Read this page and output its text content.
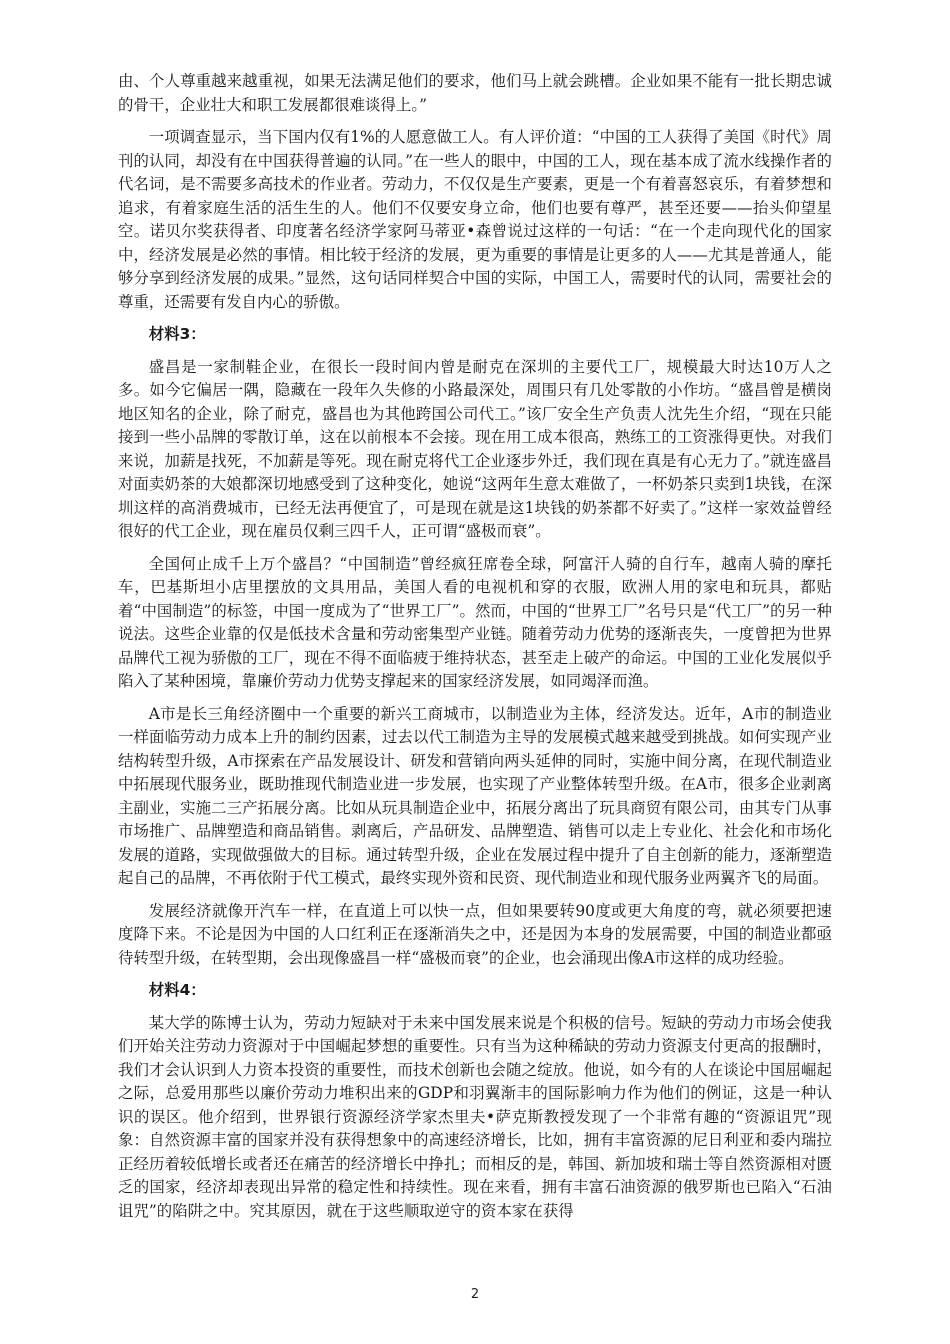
由、个人尊重越来越重视，如果无法满足他们的要求，他们马上就会跳槽。企业如果不能有一批长期忠诚的骨干，企业壮大和职工发展都很难谈得上。”

一项调查显示，当下国内仅有1%的人愿意做工人。有人评价道：“中国的工人获得了美国《时代》周刊的认同，却没有在中国获得普遍的认同。”在一些人的眼中，中国的工人，现在基本成了流水线操作者的代名词，是不需要多高技术的作业者。劳动力，不仅仅是生产要素，更是一个有着喜怒哀乐，有着梦想和追求，有着家庭生活的活生生的人。他们不仅要安身立命，他们也要有尊严，甚至还要——抬头仰望星空。诺贝尔奖获得者、印度著名经济学家阿马蒂亚•森曾说过这样的一句话：“在一个走向现代化的国家中，经济发展是必然的事情。相比较于经济的发展，更为重要的事情是让更多的人——尤其是普通人，能够分享到经济发展的成果。”显然，这句话同样契合中国的实际，中国工人，需要时代的认同，需要社会的尊重，还需要有发自内心的骄傲。

材料3：

盛昌是一家制鞋企业，在很长一段时间内曾是耐克在深圳的主要代工厂，规模最大时达10万人之多。如今它偏居一隅，隐藏在一段年久失修的小路最深处，周围只有几处零散的小作坊。“盛昌曾是横岗地区知名的企业，除了耐克，盛昌也为其他跨国公司代工。”该厂安全生产负责人沈先生介绍，“现在只能接到一些小品牌的零散订单，这在以前根本不会接。现在用工成本很高，熟练工的工资涨得更快。对我们来说，加薪是找死，不加薪是等死。现在耐克将代工企业逐步外迁，我们现在真是有心无力了。”就连盛昌对面卖奶茶的大娘都深切地感受到了这种变化，她说“这两年生意太难做了，一杯奶茶只卖到1块钱，在深圳这样的高消费城市，已经无法再便宜了，可是现在就是这1块钱的奶茶都不好卖了。”这样一家效益曾经很好的代工企业，现在雇员仅剩三四千人，正可谓“盛极而衰”。

全国何止成千上万个盛昌？“中国制造”曾经疯狂席卷全球，阿富汗人骑的自行车，越南人骑的摩托车，巴基斯坦小店里摆放的文具用品，美国人看的电视机和穿的衣服，欧洲人用的家电和玩具，都贴着“中国制造”的标签，中国一度成为了“世界工厂”。然而，中国的“世界工厂”名号只是“代工厂”的另一种说法。这些企业靠的仅是低技术含量和劳动密集型产业链。随着劳动力优势的逐渐丧失，一度曾把为世界品牌代工视为骄傲的工厂，现在不得不面临疲于维持状态，甚至走上破产的命运。中国的工业化发展似乎陷入了某种困境，靠廉价劳动力优势支撑起来的国家经济发展，如同竭泽而渔。

A市是长三角经济圈中一个重要的新兴工商城市，以制造业为主体，经济发达。近年，A市的制造业一样面临劳动力成本上升的制约因素，过去以代工制造为主导的发展模式越来越受到挑战。如何实现产业结构转型升级，A市探索在产品发展设计、研发和营销向两头延伸的同时，实施中间分离，在现代制造业中拓展现代服务业，既助推现代制造业进一步发展，也实现了产业整体转型升级。在A市，很多企业剥离主副业，实施二三产拓展分离。比如从玩具制造企业中，拓展分离出了玩具商贸有限公司，由其专门从事市场推广、品牌塑造和商品销售。剥离后，产品研发、品牌塑造、销售可以走上专业化、社会化和市场化发展的道路，实现做强做大的目标。通过转型升级，企业在发展过程中提升了自主创新的能力，逐渐塑造起自己的品牌，不再依附于代工模式，最终实现外资和民资、现代制造业和现代服务业两翼齐飞的局面。

发展经济就像开汽车一样，在直道上可以快一点，但如果要转90度或更大角度的弯，就必须要把速度降下来。不论是因为中国的人口红利正在逐渐消失之中，还是因为本身的发展需要，中国的制造业都亟待转型升级，在转型期，会出现像盛昌一样“盛极而衰”的企业，也会涌现出像A市这样的成功经验。

材料4：

某大学的陈博士认为，劳动力短缺对于未来中国发展来说是个积极的信号。短缺的劳动力市场会使我们开始关注劳动力资源对于中国崛起梦想的重要性。只有当为这种稀缺的劳动力资源支付更高的报酬时，我们才会认识到人力资本投资的重要性，而技术创新也会随之绽放。他说，如今有的人在谈论中国屈崛起之际，总爱用那些以廉价劳动力堆积出来的GDP和羽翼渐丰的国际影响力作为他们的例证，这是一种认识的误区。他介绍到，世界银行资源经济学家杰里夫•萨克斯教授发现了一个非常有趣的“资源诅咒”现象：自然资源丰富的国家并没有获得想象中的高速经济增长，比如，拥有丰富资源的尼日利亚和委内瑞拉正经历着较低增长或者还在痛苦的经济增长中挣扎；而相反的是，韩国、新加坡和瑞士等自然资源相对匮乏的国家，经济却表现出异常的稳定性和持续性。现在来看，拥有丰富石油资源的俄罗斯也已陷入“石油诅咒”的陷阱之中。究其原因，就在于这些顺取逆守的资本家在获得

2
